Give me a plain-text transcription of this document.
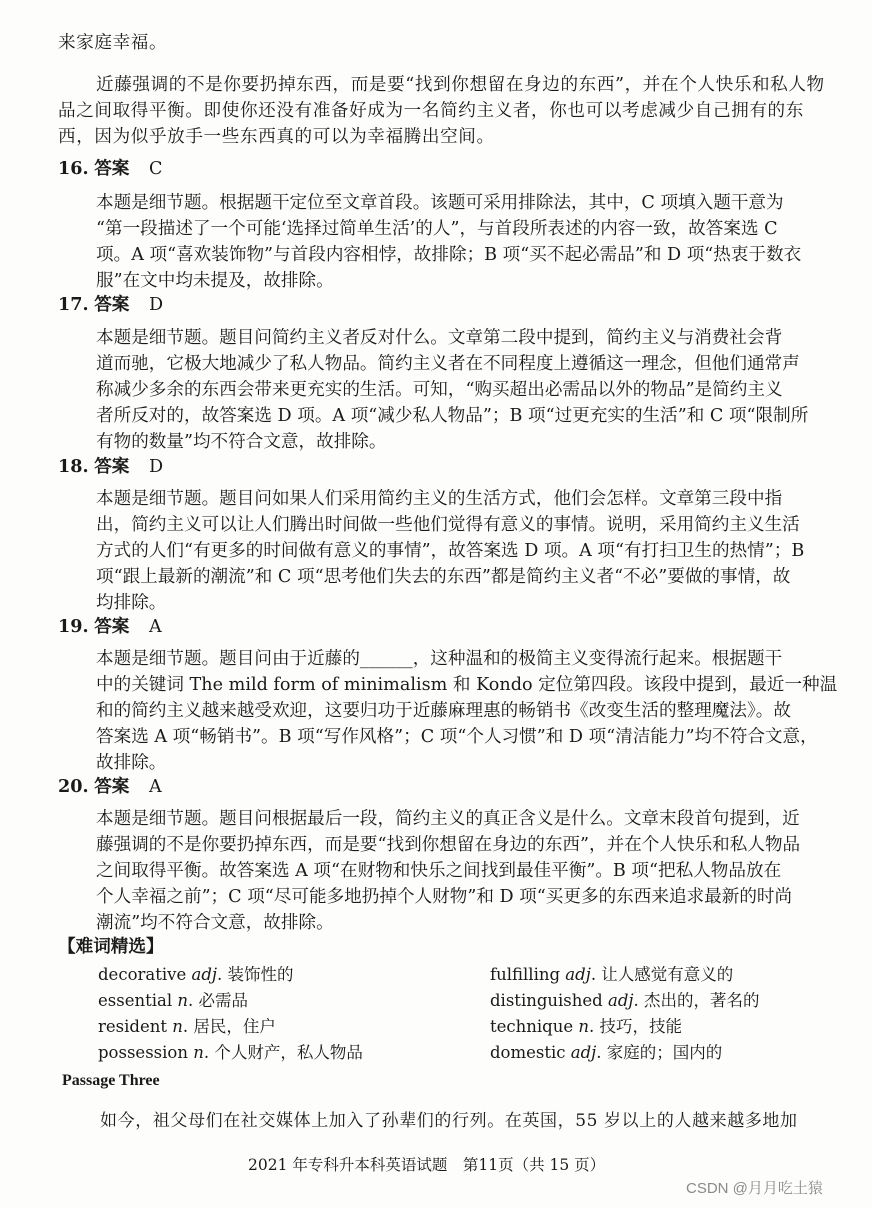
来家庭幸福。
近藤强调的不是你要扔掉东西，而是要“找到你想留在身边的东西”，并在个人快乐和私人物
品之间取得平衡。即使你还没有准备好成为一名简约主义者，你也可以考虑减少自己拥有的东
西，因为似乎放手一些东西真的可以为幸福腾出空间。
16. 答案 C
本题是细节题。根据题干定位至文章首段。该题可采用排除法，其中，C 项填入题干意为
“第一段描述了一个可能‘选择过简单生活’的人”，与首段所表述的内容一致，故答案选 C
项。A 项“喜欢装饰物”与首段内容相悖，故排除；B 项“买不起必需品”和 D 项“热衷于数衣
服”在文中均未提及，故排除。
17. 答案 D
本题是细节题。题目问简约主义者反对什么。文章第二段中提到，简约主义与消费社会背
道而驰，它极大地减少了私人物品。简约主义者在不同程度上遵循这一理念，但他们通常声
称减少多余的东西会带来更充实的生活。可知，“购买超出必需品以外的物品”是简约主义
者所反对的，故答案选 D 项。A 项“减少私人物品”；B 项“过更充实的生活”和 C 项“限制所
有物的数量”均不符合文意，故排除。
18. 答案 D
本题是细节题。题目问如果人们采用简约主义的生活方式，他们会怎样。文章第三段中指
出，简约主义可以让人们腾出时间做一些他们觉得有意义的事情。说明，采用简约主义生活
方式的人们“有更多的时间做有意义的事情”，故答案选 D 项。A 项“有打扫卫生的热情”；B
项“跟上最新的潮流”和 C 项“思考他们失去的东西”都是简约主义者“不必”要做的事情，故
均排除。
19. 答案 A
本题是细节题。题目问由于近藤的______，这种温和的极简主义变得流行起来。根据题干
中的关键词 The mild form of minimalism 和 Kondo 定位第四段。该段中提到，最近一种温
和的简约主义越来越受欢迎，这要归功于近藤麻理惠的畅销书《改变生活的整理魔法》。故
答案选 A 项“畅销书”。B 项“写作风格”；C 项“个人习惯”和 D 项“清洁能力”均不符合文意，
故排除。
20. 答案 A
本题是细节题。题目问根据最后一段，简约主义的真正含义是什么。文章末段首句提到，近
藤强调的不是你要扔掉东西，而是要“找到你想留在身边的东西”，并在个人快乐和私人物品
之间取得平衡。故答案选 A 项“在财物和快乐之间找到最佳平衡”。B 项“把私人物品放在
个人幸福之前”；C 项“尽可能多地扔掉个人财物”和 D 项“买更多的东西来追求最新的时尚
潮流”均不符合文意，故排除。
【难词精选】
decorative adj. 装饰性的
essential n. 必需品
resident n. 居民，住户
possession n. 个人财产，私人物品
fulfilling adj. 让人感觉有意义的
distinguished adj. 杰出的，著名的
technique n. 技巧，技能
domestic adj. 家庭的；国内的
Passage Three
如今，祖父母们在社交媒体上加入了孙辈们的行列。在英国，55 岁以上的人越来越多地加
2021 年专科升本科英语试题　第11页（共 15 页）
CSDN @月月吃土猿
